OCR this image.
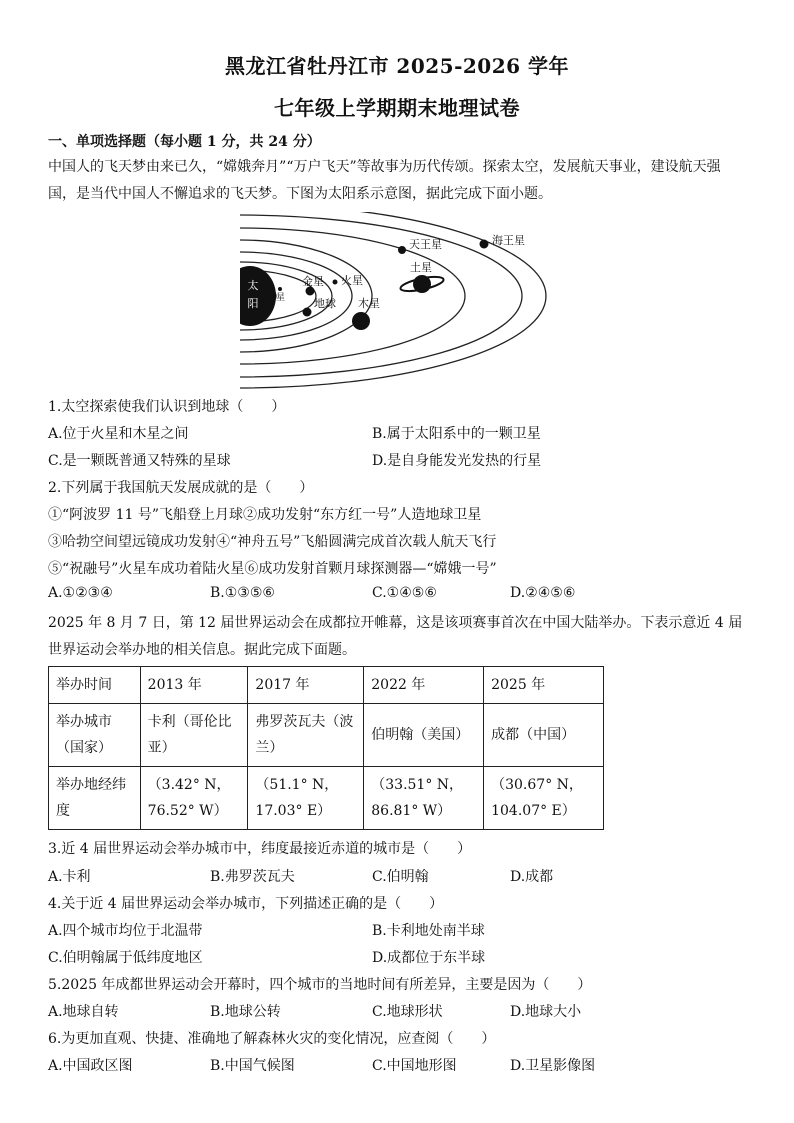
黑龙江省牡丹江市 2025-2026 学年
七年级上学期期末地理试卷
一、单项选择题（每小题 1 分，共 24 分）
中国人的飞天梦由来已久，“嫦娥奔月”“万户飞天”等故事为历代传颂。探索太空，发展航天事业，建设航天强国，是当代中国人不懈追求的飞天梦。下图为太阳系示意图，据此完成下面小题。
太
阳 水星
金星
地球
火星
木星
土星
天王星	海王星
1.太空探索使我们认识到地球（　　）
A.位于火星和木星之间	B.属于太阳系中的一颗卫星
C.是一颗既普通又特殊的星球	D.是自身能发光发热的行星
2.下列属于我国航天发展成就的是（　　）
①“阿波罗 11 号”飞船登上月球②成功发射“东方红一号”人造地球卫星
③哈勃空间望远镜成功发射④“神舟五号”飞船圆满完成首次载人航天飞行
⑤“祝融号”火星车成功着陆火星⑥成功发射首颗月球探测器—“嫦娥一号”
A.①②③④	B.①③⑤⑥	C.①④⑤⑥	D.②④⑤⑥
2025 年 8 月 7 日，第 12 届世界运动会在成都拉开帷幕，这是该项赛事首次在中国大陆举办。下表示意近 4 届世界运动会举办地的相关信息。据此完成下面题。
举办时间	2013 年	2017 年	2022 年	2025 年
举办城市（国家）	卡利（哥伦比亚）	弗罗茨瓦夫（波兰）	伯明翰（美国）	成都（中国）
举办地经纬度	（3.42° N，76.52° W）	（51.1° N，17.03° E）	（33.51° N，86.81° W）	（30.67° N，104.07° E）
3.近 4 届世界运动会举办城市中，纬度最接近赤道的城市是（　　）
A.卡利	B.弗罗茨瓦夫	C.伯明翰	D.成都
4.关于近 4 届世界运动会举办城市，下列描述正确的是（　　）
A.四个城市均位于北温带	B.卡利地处南半球
C.伯明翰属于低纬度地区	D.成都位于东半球
5.2025 年成都世界运动会开幕时，四个城市的当地时间有所差异，主要是因为（　　）
A.地球自转	B.地球公转	C.地球形状	D.地球大小
6.为更加直观、快捷、准确地了解森林火灾的变化情况，应查阅（　　）
A.中国政区图	B.中国气候图	C.中国地形图	D.卫星影像图
